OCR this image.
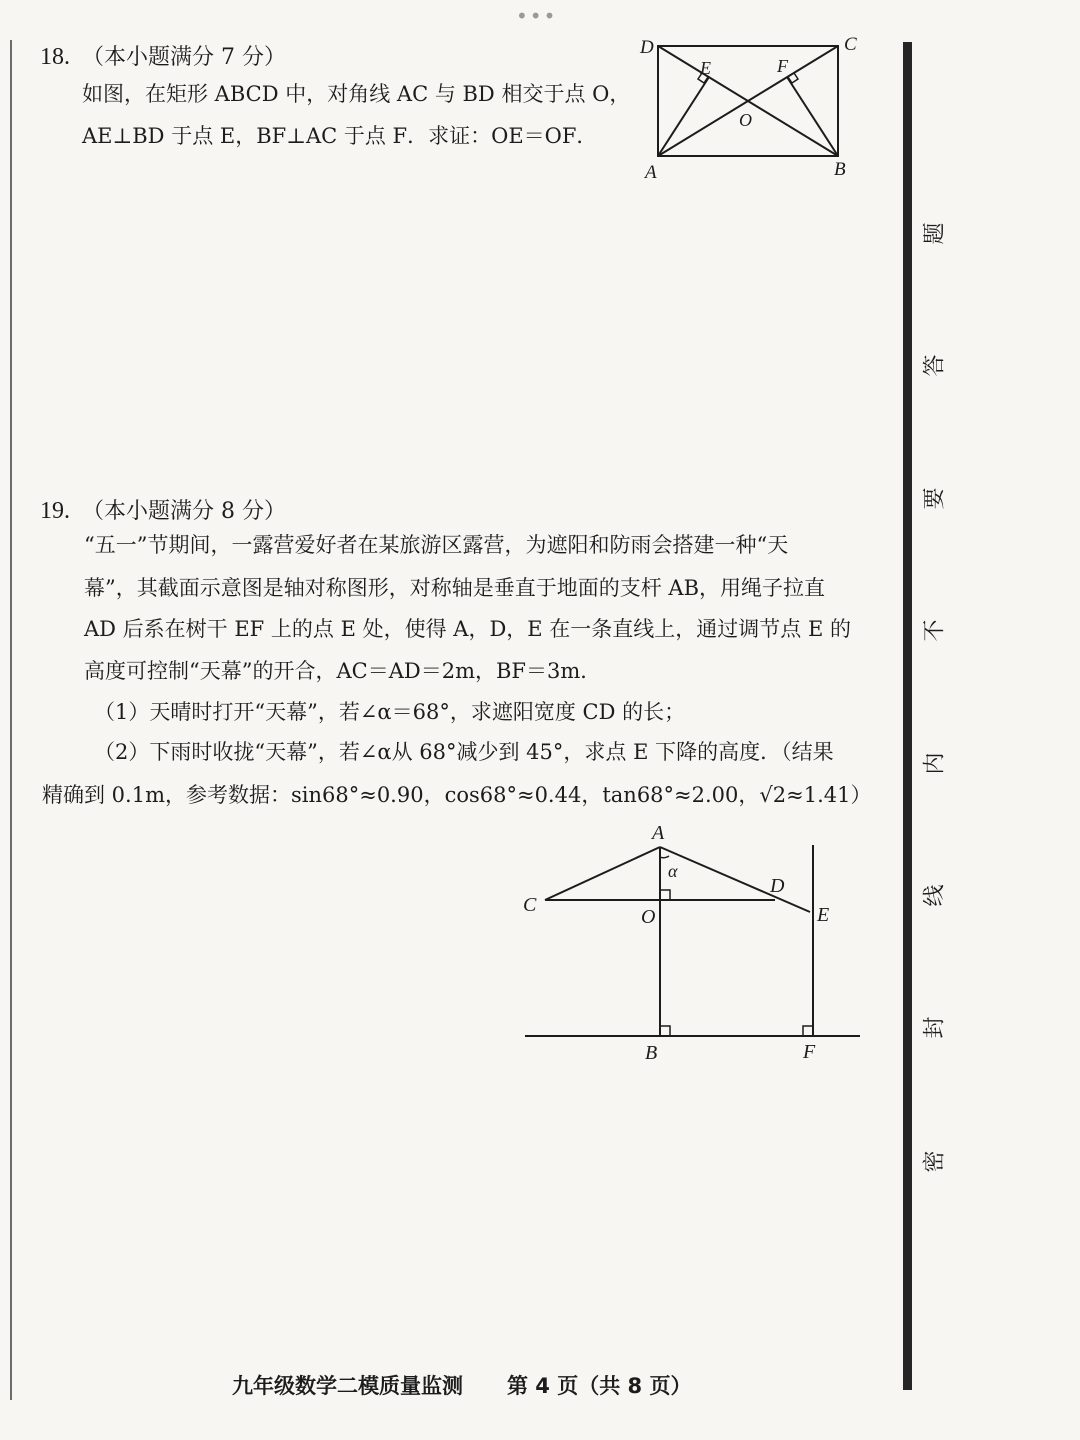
•••
题
答
要
不
内
线
封
密
18. （本小题满分 7 分）
如图，在矩形 ABCD 中，对角线 AC 与 BD 相交于点 O，
AE⊥BD 于点 E，BF⊥AC 于点 F．求证：OE＝OF．
D	C
A	B
E	F
O
19. （本小题满分 8 分）
“五一”节期间，一露营爱好者在某旅游区露营，为遮阳和防雨会搭建一种“天
幕”，其截面示意图是轴对称图形，对称轴是垂直于地面的支杆 AB，用绳子拉直
AD 后系在树干 EF 上的点 E 处，使得 A，D，E 在一条直线上，通过调节点 E 的
高度可控制“天幕”的开合，AC＝AD＝2m，BF＝3m．
（1）天晴时打开“天幕”，若∠α＝68°，求遮阳宽度 CD 的长；
（2）下雨时收拢“天幕”，若∠α从 68°减少到 45°，求点 E 下降的高度．（结果
精确到 0.1m，参考数据：sin68°≈0.90，cos68°≈0.44，tan68°≈2.00，√2≈1.41）
A
C
O
D
E
B	F
α
九年级数学二模质量监测 第 4 页（共 8 页）
